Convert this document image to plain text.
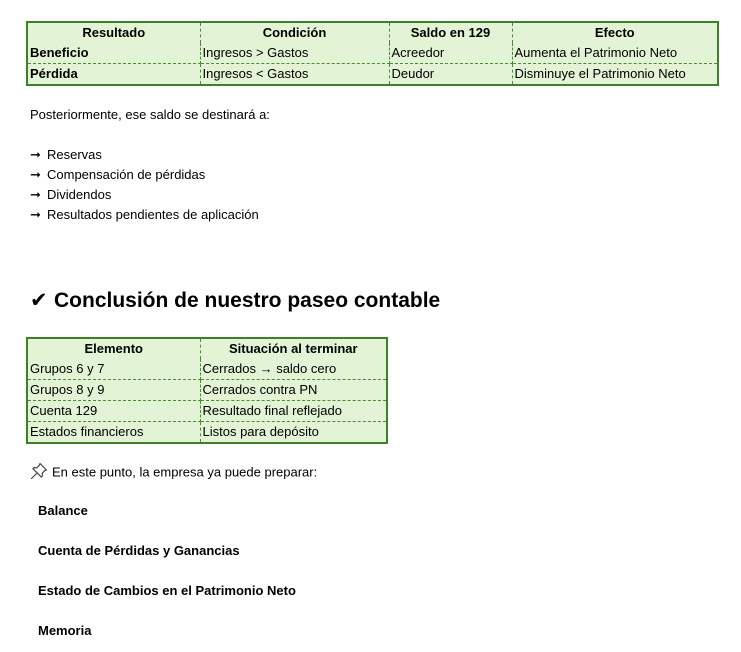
Resultado	Condición	Saldo en 129	Efecto
Beneficio	Ingresos > Gastos	Acreedor	Aumenta el Patrimonio Neto
Pérdida	Ingresos < Gastos	Deudor	Disminuye el Patrimonio Neto
Posteriormente, ese saldo se destinará a:
➞ Reservas
➞ Compensación de pérdidas
➞ Dividendos
➞ Resultados pendientes de aplicación
✔ Conclusión de nuestro paseo contable
Elemento	Situación al terminar
Grupos 6 y 7	Cerrados → saldo cero
Grupos 8 y 9	Cerrados contra PN
Cuenta 129	Resultado final reflejado
Estados financieros	Listos para depósito
En este punto, la empresa ya puede preparar:
Balance
Cuenta de Pérdidas y Ganancias
Estado de Cambios en el Patrimonio Neto
Memoria
